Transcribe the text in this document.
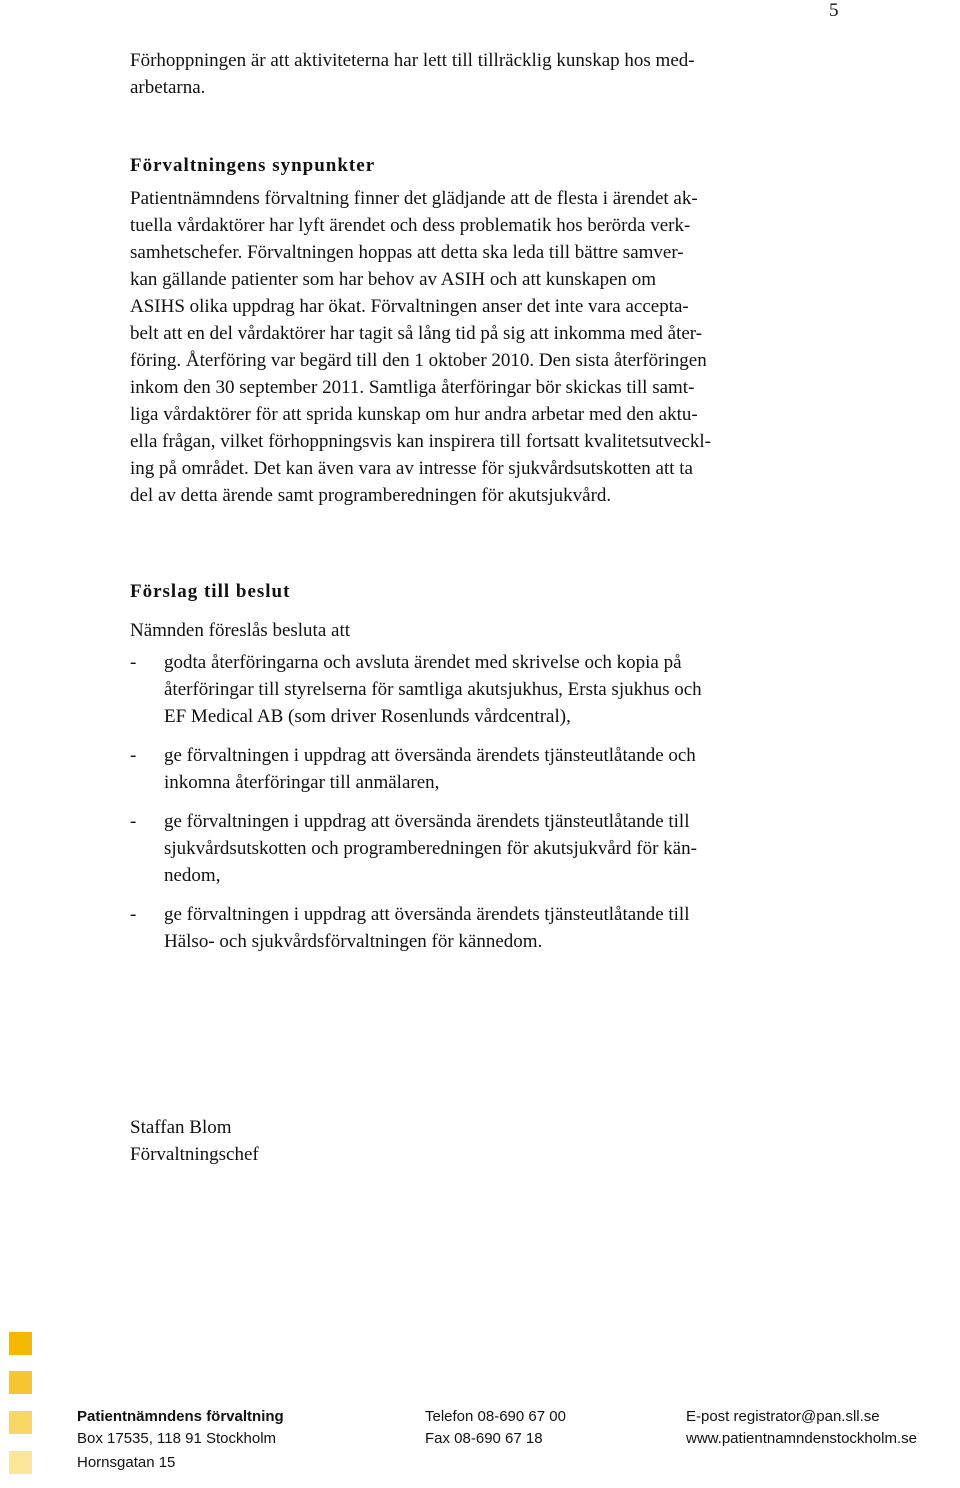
5

Förhoppningen är att aktiviteterna har lett till tillräcklig kunskap hos med-
arbetarna.

Förvaltningens synpunkter

Patientnämndens förvaltning finner det glädjande att de flesta i ärendet ak-
tuella vårdaktörer har lyft ärendet och dess problematik hos berörda verk-
samhetschefer. Förvaltningen hoppas att detta ska leda till bättre samver-
kan gällande patienter som har behov av ASIH och att kunskapen om
ASIHS olika uppdrag har ökat. Förvaltningen anser det inte vara accepta-
belt att en del vårdaktörer har tagit så lång tid på sig att inkomma med åter-
föring. Återföring var begärd till den 1 oktober 2010. Den sista återföringen
inkom den 30 september 2011. Samtliga återföringar bör skickas till samt-
liga vårdaktörer för att sprida kunskap om hur andra arbetar med den aktu-
ella frågan, vilket förhoppningsvis kan inspirera till fortsatt kvalitetsutveckl-
ing på området. Det kan även vara av intresse för sjukvårdsutskotten att ta
del av detta ärende samt programberedningen för akutsjukvård.

Förslag till beslut
Nämnden föreslås besluta att
- godta återföringarna och avsluta ärendet med skrivelse och kopia på
återföringar till styrelserna för samtliga akutsjukhus, Ersta sjukhus och
EF Medical AB (som driver Rosenlunds vårdcentral),
- ge förvaltningen i uppdrag att översända ärendets tjänsteutlåtande och
inkomna återföringar till anmälaren,
- ge förvaltningen i uppdrag att översända ärendets tjänsteutlåtande till
sjukvårdsutskotten och programberedningen för akutsjukvård för kän-
nedom,
- ge förvaltningen i uppdrag att översända ärendets tjänsteutlåtande till
Hälso- och sjukvårdsförvaltningen för kännedom.
Staffan Blom
Förvaltningschef
Patientnämndens förvaltning
Box 17535, 118 91 Stockholm
Hornsgatan 15
Telefon 08-690 67 00
Fax 08-690 67 18
E-post registrator@pan.sll.se
www.patientnamndenstockholm.se
